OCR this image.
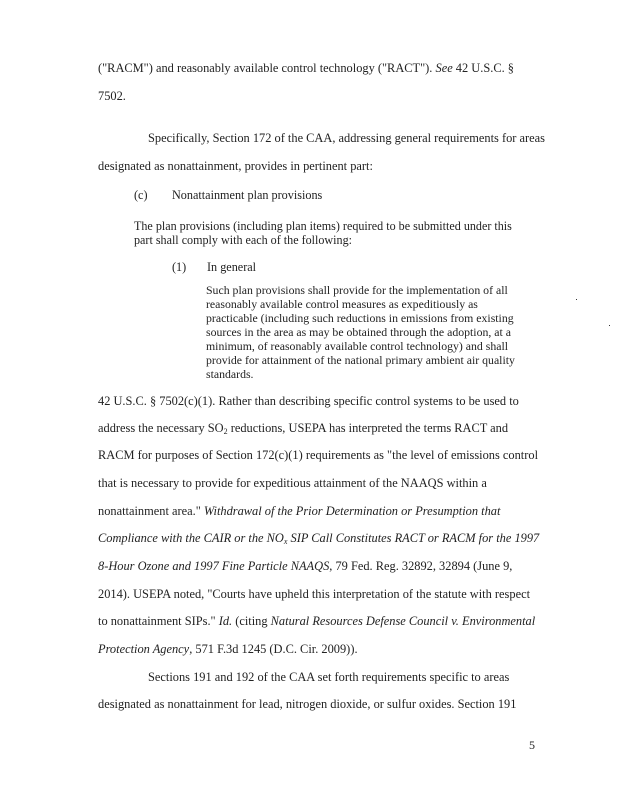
("RACM") and reasonably available control technology ("RACT"). See 42 U.S.C. §
7502.
Specifically, Section 172 of the CAA, addressing general requirements for areas
designated as nonattainment, provides in pertinent part:
(c) Nonattainment plan provisions
The plan provisions (including plan items) required to be submitted under this
part shall comply with each of the following:
(1) In general
Such plan provisions shall provide for the implementation of all
reasonably available control measures as expeditiously as
practicable (including such reductions in emissions from existing
sources in the area as may be obtained through the adoption, at a
minimum, of reasonably available control technology) and shall
provide for attainment of the national primary ambient air quality
standards.
42 U.S.C. § 7502(c)(1). Rather than describing specific control systems to be used to
address the necessary $SO_2$ reductions, USEPA has interpreted the terms RACT and
RACM for purposes of Section 172(c)(1) requirements as "the level of emissions control
that is necessary to provide for expeditious attainment of the NAAQS within a
nonattainment area." Withdrawal of the Prior Determination or Presumption that
Compliance with the CAIR or the $NO_x$ SIP Call Constitutes RACT or RACM for the 1997
8-Hour Ozone and 1997 Fine Particle NAAQS, 79 Fed. Reg. 32892, 32894 (June 9,
2014). USEPA noted, "Courts have upheld this interpretation of the statute with respect
to nonattainment SIPs." Id. (citing Natural Resources Defense Council v. Environmental
Protection Agency, 571 F.3d 1245 (D.C. Cir. 2009)).
Sections 191 and 192 of the CAA set forth requirements specific to areas
designated as nonattainment for lead, nitrogen dioxide, or sulfur oxides. Section 191
5
